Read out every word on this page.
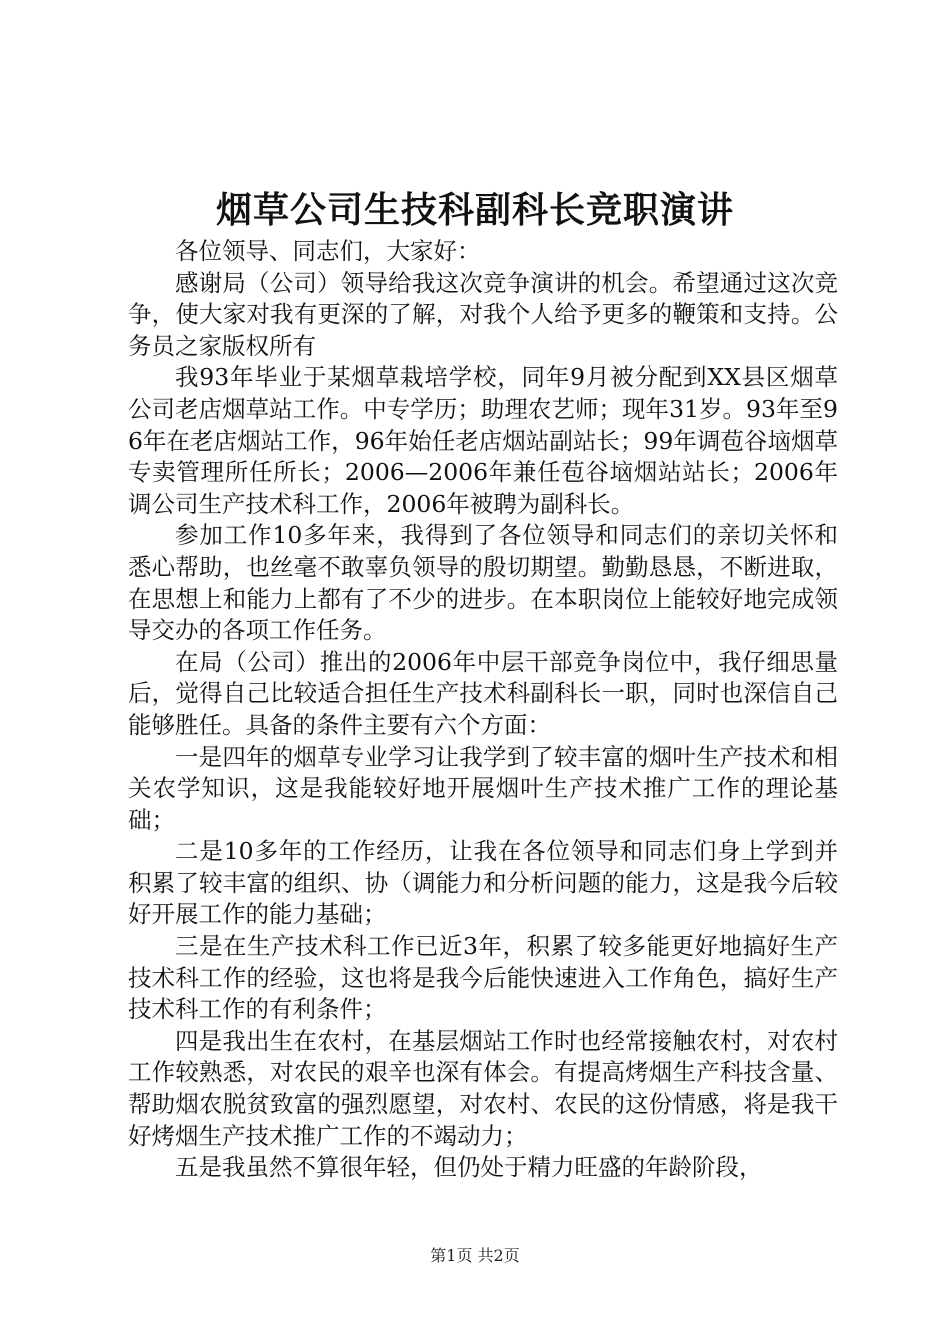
烟草公司生技科副科长竞职演讲

各位领导、同志们，大家好：

感谢局（公司）领导给我这次竞争演讲的机会。希望通过这次竞争，使大家对我有更深的了解，对我个人给予更多的鞭策和支持。公务员之家版权所有

我93年毕业于某烟草栽培学校，同年9月被分配到XX县区烟草公司老店烟草站工作。中专学历；助理农艺师；现年31岁。93年至96年在老店烟站工作，96年始任老店烟站副站长；99年调苞谷垴烟草专卖管理所任所长；2006—2006年兼任苞谷垴烟站站长；2006年调公司生产技术科工作，2006年被聘为副科长。

参加工作10多年来，我得到了各位领导和同志们的亲切关怀和悉心帮助，也丝毫不敢辜负领导的殷切期望。勤勤恳恳，不断进取，在思想上和能力上都有了不少的进步。在本职岗位上能较好地完成领导交办的各项工作任务。

在局（公司）推出的2006年中层干部竞争岗位中，我仔细思量后，觉得自己比较适合担任生产技术科副科长一职，同时也深信自己能够胜任。具备的条件主要有六个方面：

一是四年的烟草专业学习让我学到了较丰富的烟叶生产技术和相关农学知识，这是我能较好地开展烟叶生产技术推广工作的理论基础；

二是10多年的工作经历，让我在各位领导和同志们身上学到并积累了较丰富的组织、协（调能力和分析问题的能力，这是我今后较好开展工作的能力基础；

三是在生产技术科工作已近3年，积累了较多能更好地搞好生产技术科工作的经验，这也将是我今后能快速进入工作角色，搞好生产技术科工作的有利条件；

四是我出生在农村，在基层烟站工作时也经常接触农村，对农村工作较熟悉，对农民的艰辛也深有体会。有提高烤烟生产科技含量、帮助烟农脱贫致富的强烈愿望，对农村、农民的这份情感，将是我干好烤烟生产技术推广工作的不竭动力；

五是我虽然不算很年轻，但仍处于精力旺盛的年龄阶段，

第1页 共2页
